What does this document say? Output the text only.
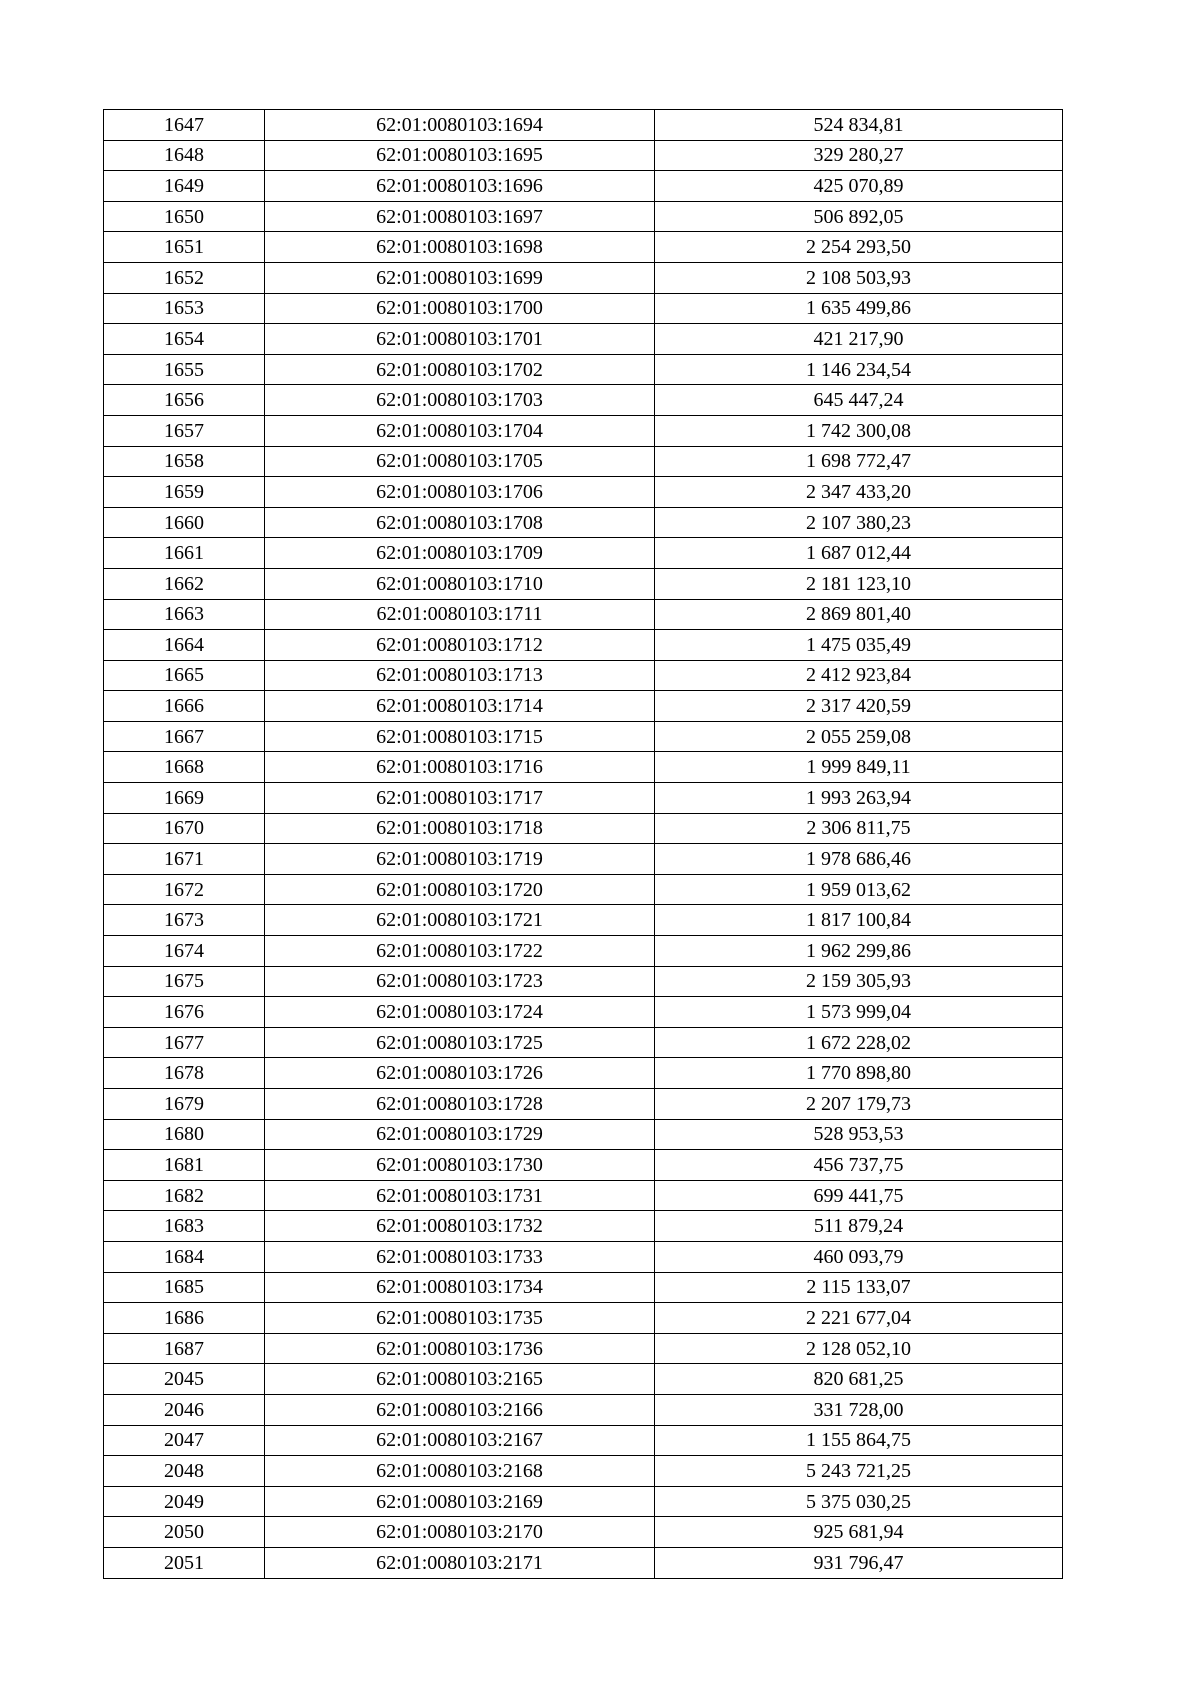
1647	62:01:0080103:1694	524 834,81
1648	62:01:0080103:1695	329 280,27
1649	62:01:0080103:1696	425 070,89
1650	62:01:0080103:1697	506 892,05
1651	62:01:0080103:1698	2 254 293,50
1652	62:01:0080103:1699	2 108 503,93
1653	62:01:0080103:1700	1 635 499,86
1654	62:01:0080103:1701	421 217,90
1655	62:01:0080103:1702	1 146 234,54
1656	62:01:0080103:1703	645 447,24
1657	62:01:0080103:1704	1 742 300,08
1658	62:01:0080103:1705	1 698 772,47
1659	62:01:0080103:1706	2 347 433,20
1660	62:01:0080103:1708	2 107 380,23
1661	62:01:0080103:1709	1 687 012,44
1662	62:01:0080103:1710	2 181 123,10
1663	62:01:0080103:1711	2 869 801,40
1664	62:01:0080103:1712	1 475 035,49
1665	62:01:0080103:1713	2 412 923,84
1666	62:01:0080103:1714	2 317 420,59
1667	62:01:0080103:1715	2 055 259,08
1668	62:01:0080103:1716	1 999 849,11
1669	62:01:0080103:1717	1 993 263,94
1670	62:01:0080103:1718	2 306 811,75
1671	62:01:0080103:1719	1 978 686,46
1672	62:01:0080103:1720	1 959 013,62
1673	62:01:0080103:1721	1 817 100,84
1674	62:01:0080103:1722	1 962 299,86
1675	62:01:0080103:1723	2 159 305,93
1676	62:01:0080103:1724	1 573 999,04
1677	62:01:0080103:1725	1 672 228,02
1678	62:01:0080103:1726	1 770 898,80
1679	62:01:0080103:1728	2 207 179,73
1680	62:01:0080103:1729	528 953,53
1681	62:01:0080103:1730	456 737,75
1682	62:01:0080103:1731	699 441,75
1683	62:01:0080103:1732	511 879,24
1684	62:01:0080103:1733	460 093,79
1685	62:01:0080103:1734	2 115 133,07
1686	62:01:0080103:1735	2 221 677,04
1687	62:01:0080103:1736	2 128 052,10
2045	62:01:0080103:2165	820 681,25
2046	62:01:0080103:2166	331 728,00
2047	62:01:0080103:2167	1 155 864,75
2048	62:01:0080103:2168	5 243 721,25
2049	62:01:0080103:2169	5 375 030,25
2050	62:01:0080103:2170	925 681,94
2051	62:01:0080103:2171	931 796,47
